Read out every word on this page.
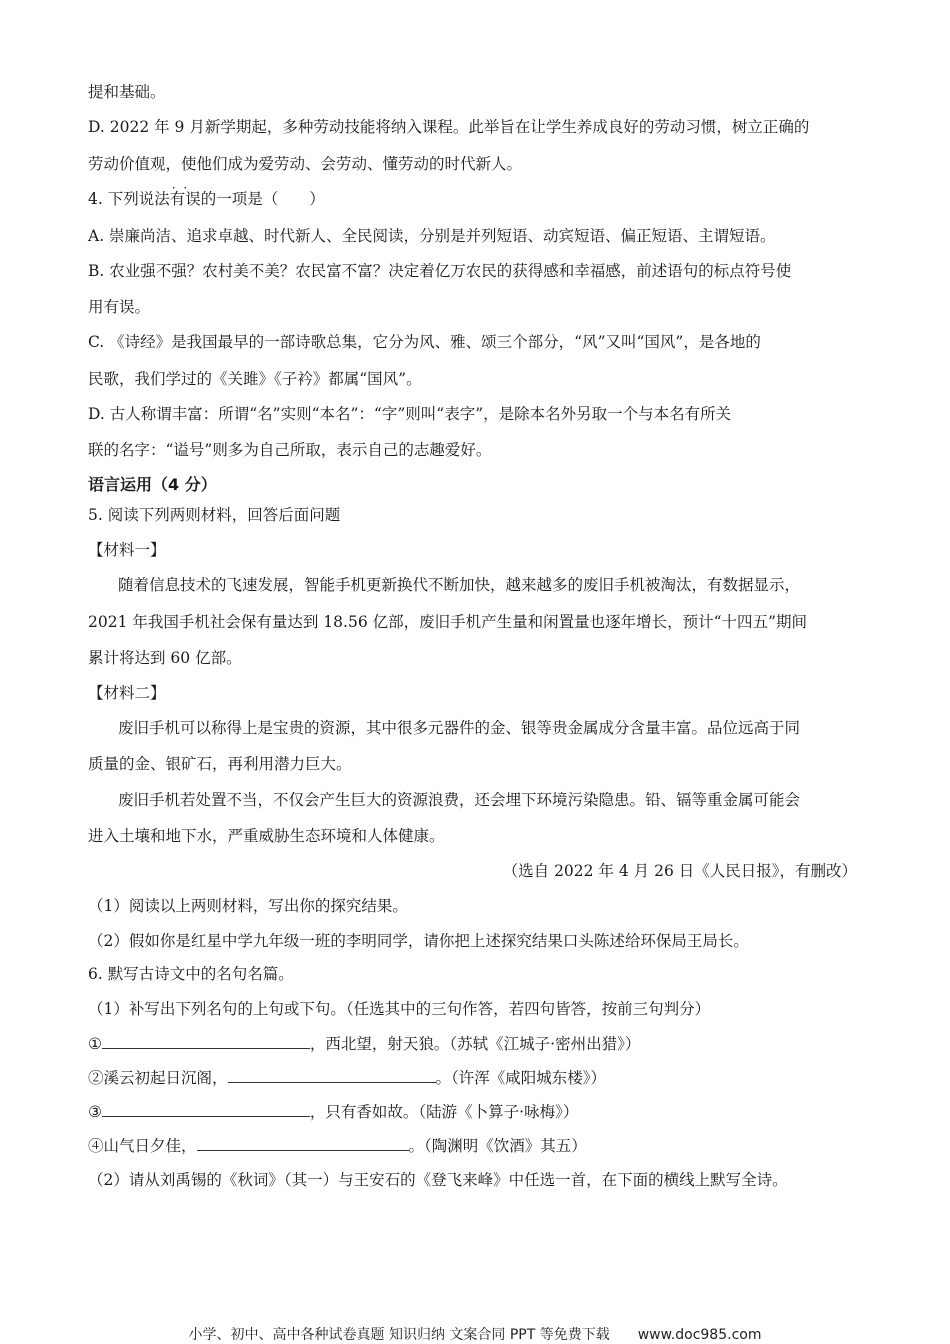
提和基础。
D. 2022 年 9 月新学期起，多种劳动技能将纳入课程。此举旨在让学生养成良好的劳动习惯，树立正确的
劳动价值观，使他们成为爱劳动、会劳动、懂劳动的时代新人。
4. 下列说法有误 · ·的一项是（　　）
A. 崇廉尚洁、追求卓越、时代新人、全民阅读，分别是并列短语、动宾短语、偏正短语、主谓短语。
B. 农业强不强？农村美不美？农民富不富？决定着亿万农民的获得感和幸福感，前述语句的标点符号使
用有误。
C. 《诗经》是我国最早的一部诗歌总集，它分为风、雅、颂三个部分，“风”又叫“国风”，是各地的
民歌，我们学过的《关雎》《子衿》都属“国风”。
D. 古人称谓丰富：所谓“名”实则“本名”：“字”则叫“表字”，是除本名外另取一个与本名有所关
联的名字：“谥号”则多为自己所取，表示自己的志趣爱好。
语言运用（4 分）
5. 阅读下列两则材料，回答后面问题
【材料一】
随着信息技术的飞速发展，智能手机更新换代不断加快，越来越多的废旧手机被淘汰，有数据显示，
2021 年我国手机社会保有量达到 18.56 亿部，废旧手机产生量和闲置量也逐年增长，预计“十四五”期间
累计将达到 60 亿部。
【材料二】
废旧手机可以称得上是宝贵的资源，其中很多元器件的金、银等贵金属成分含量丰富。品位远高于同
质量的金、银矿石，再利用潜力巨大。
废旧手机若处置不当，不仅会产生巨大的资源浪费，还会埋下环境污染隐患。铅、镉等重金属可能会
进入土壤和地下水，严重威胁生态环境和人体健康。
（选自 2022 年 4 月 26 日《人民日报》，有删改）
（1）阅读以上两则材料，写出你的探究结果。
（2）假如你是红星中学九年级一班的李明同学，请你把上述探究结果口头陈述给环保局王局长。
6. 默写古诗文中的名句名篇。
（1）补写出下列名句的上句或下句。（任选其中的三句作答，若四句皆答，按前三句判分）
①	，西北望，射天狼。（苏轼《江城子·密州出猎》）
②溪云初起日沉阁，	。（许浑《咸阳城东楼》）
③	，只有香如故。（陆游《卜算子·咏梅》）
④山气日夕佳，	。（陶渊明《饮酒》其五）
（2）请从刘禹锡的《秋词》（其一）与王安石的《登飞来峰》中任选一首，在下面的横线上默写全诗。
小学、初中、高中各种试卷真题 知识归纳 文案合同 PPT 等免费下载　　www.doc985.com
